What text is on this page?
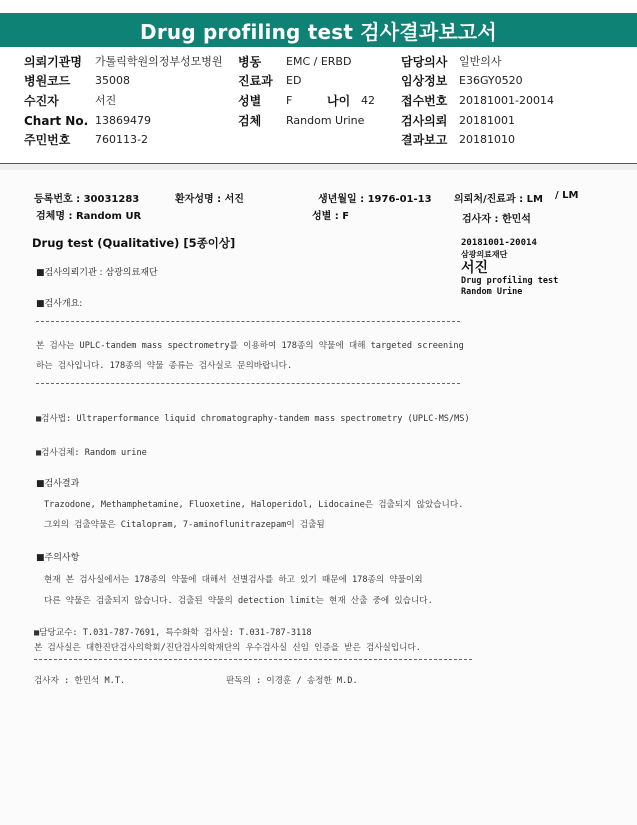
Drug profiling test 검사결과보고서
의뢰기관명 가톨릭학원의정부성모병원 병동 EMC / ERBD	담당의사 일반의사
병원코드 35008	진료과 ED	임상정보 E36GY0520
수진자	서진	성별 F	나이 42 접수번호 20181001-20014
Chart No. 13869479	검체 Random Urine	검사의뢰 20181001
주민번호 760113-2	결과보고 20181010
등록번호 : 30031283	환자성명 : 서진	생년월일 : 1976-01-13 의뢰처/진료과 : LM / LM
검체명 : Random UR	성별 : F	검사자 : 한민석
Drug test (Qualitative) [5종이상]	20181001-20014
삼광의료재단
서진
Drug profiling test
Random Urine
■검사의뢰기관 : 삼광의료재단
■검사개요:
본 검사는 UPLC-tandem mass spectrometry를 이용하여 178종의 약물에 대해 targeted screening
하는 검사입니다. 178종의 약물 종류는 검사실로 문의바랍니다.
■검사법: Ultraperformance liquid chromatography-tandem mass spectrometry (UPLC-MS/MS)
■검사검체: Random urine
■검사결과
Trazodone, Methamphetamine, Fluoxetine, Haloperidol, Lidocaine은 검출되지 않았습니다.
그외의 검출약물은 Citalopram, 7-aminoflunitrazepam이 검출됨
■주의사항
현재 본 검사실에서는 178종의 약물에 대해서 선별검사를 하고 있기 때문에 178종의 약물이외
다른 약물은 검출되지 않습니다. 검출된 약물의 detection limit는 현재 산출 중에 있습니다.
■담당교수: T.031-787-7691, 특수화학 검사실: T.031-787-3118
본 검사실은 대한진단검사의학회/진단검사의학재단의 우수검사실 신임 인증을 받은 검사실입니다.
검사자 : 한민석 M.T.	판독의 : 이경훈 / 송정한 M.D.
